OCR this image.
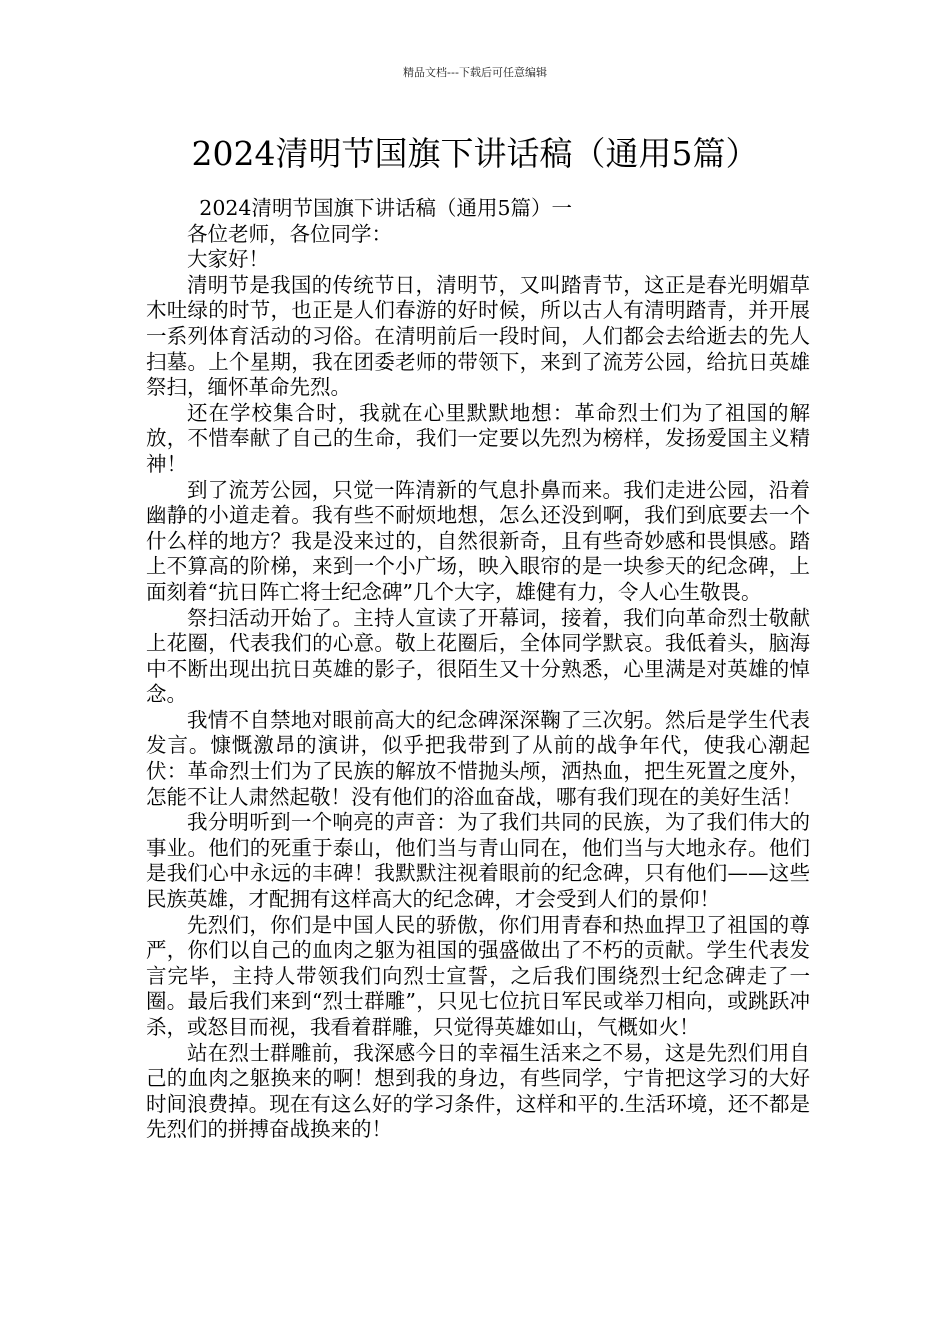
精品文档---下载后可任意编辑
2024清明节国旗下讲话稿（通用5篇）

2024清明节国旗下讲话稿（通用5篇）一

各位老师，各位同学：

大家好！

清明节是我国的传统节日，清明节，又叫踏青节，这正是春光明媚草木吐绿的时节，也正是人们春游的好时候，所以古人有清明踏青，并开展一系列体育活动的习俗。在清明前后一段时间，人们都会去给逝去的先人扫墓。上个星期，我在团委老师的带领下，来到了流芳公园，给抗日英雄祭扫，缅怀革命先烈。

还在学校集合时，我就在心里默默地想：革命烈士们为了祖国的解放，不惜奉献了自己的生命，我们一定要以先烈为榜样，发扬爱国主义精神！

到了流芳公园，只觉一阵清新的气息扑鼻而来。我们走进公园，沿着幽静的小道走着。我有些不耐烦地想，怎么还没到啊，我们到底要去一个什么样的地方？我是没来过的，自然很新奇，且有些奇妙感和畏惧感。踏上不算高的阶梯，来到一个小广场，映入眼帘的是一块参天的纪念碑，上面刻着“抗日阵亡将士纪念碑”几个大字，雄健有力，令人心生敬畏。

祭扫活动开始了。主持人宣读了开幕词，接着，我们向革命烈士敬献上花圈，代表我们的心意。敬上花圈后，全体同学默哀。我低着头，脑海中不断出现出抗日英雄的影子，很陌生又十分熟悉，心里满是对英雄的悼念。

我情不自禁地对眼前高大的纪念碑深深鞠了三次躬。然后是学生代表发言。慷慨激昂的演讲，似乎把我带到了从前的战争年代，使我心潮起伏：革命烈士们为了民族的解放不惜抛头颅，洒热血，把生死置之度外，怎能不让人肃然起敬！没有他们的浴血奋战，哪有我们现在的美好生活！

我分明听到一个响亮的声音：为了我们共同的民族，为了我们伟大的事业。他们的死重于泰山，他们当与青山同在，他们当与大地永存。他们是我们心中永远的丰碑！我默默注视着眼前的纪念碑，只有他们——这些民族英雄，才配拥有这样高大的纪念碑，才会受到人们的景仰！

先烈们，你们是中国人民的骄傲，你们用青春和热血捍卫了祖国的尊严，你们以自己的血肉之躯为祖国的强盛做出了不朽的贡献。学生代表发言完毕，主持人带领我们向烈士宣誓，之后我们围绕烈士纪念碑走了一圈。最后我们来到“烈士群雕”，只见七位抗日军民或举刀相向，或跳跃冲杀，或怒目而视，我看着群雕，只觉得英雄如山，气概如火！

站在烈士群雕前，我深感今日的幸福生活来之不易，这是先烈们用自己的血肉之躯换来的啊！想到我的身边，有些同学，宁肯把这学习的大好时间浪费掉。现在有这么好的学习条件，这样和平的.生活环境，还不都是先烈们的拼搏奋战换来的！
